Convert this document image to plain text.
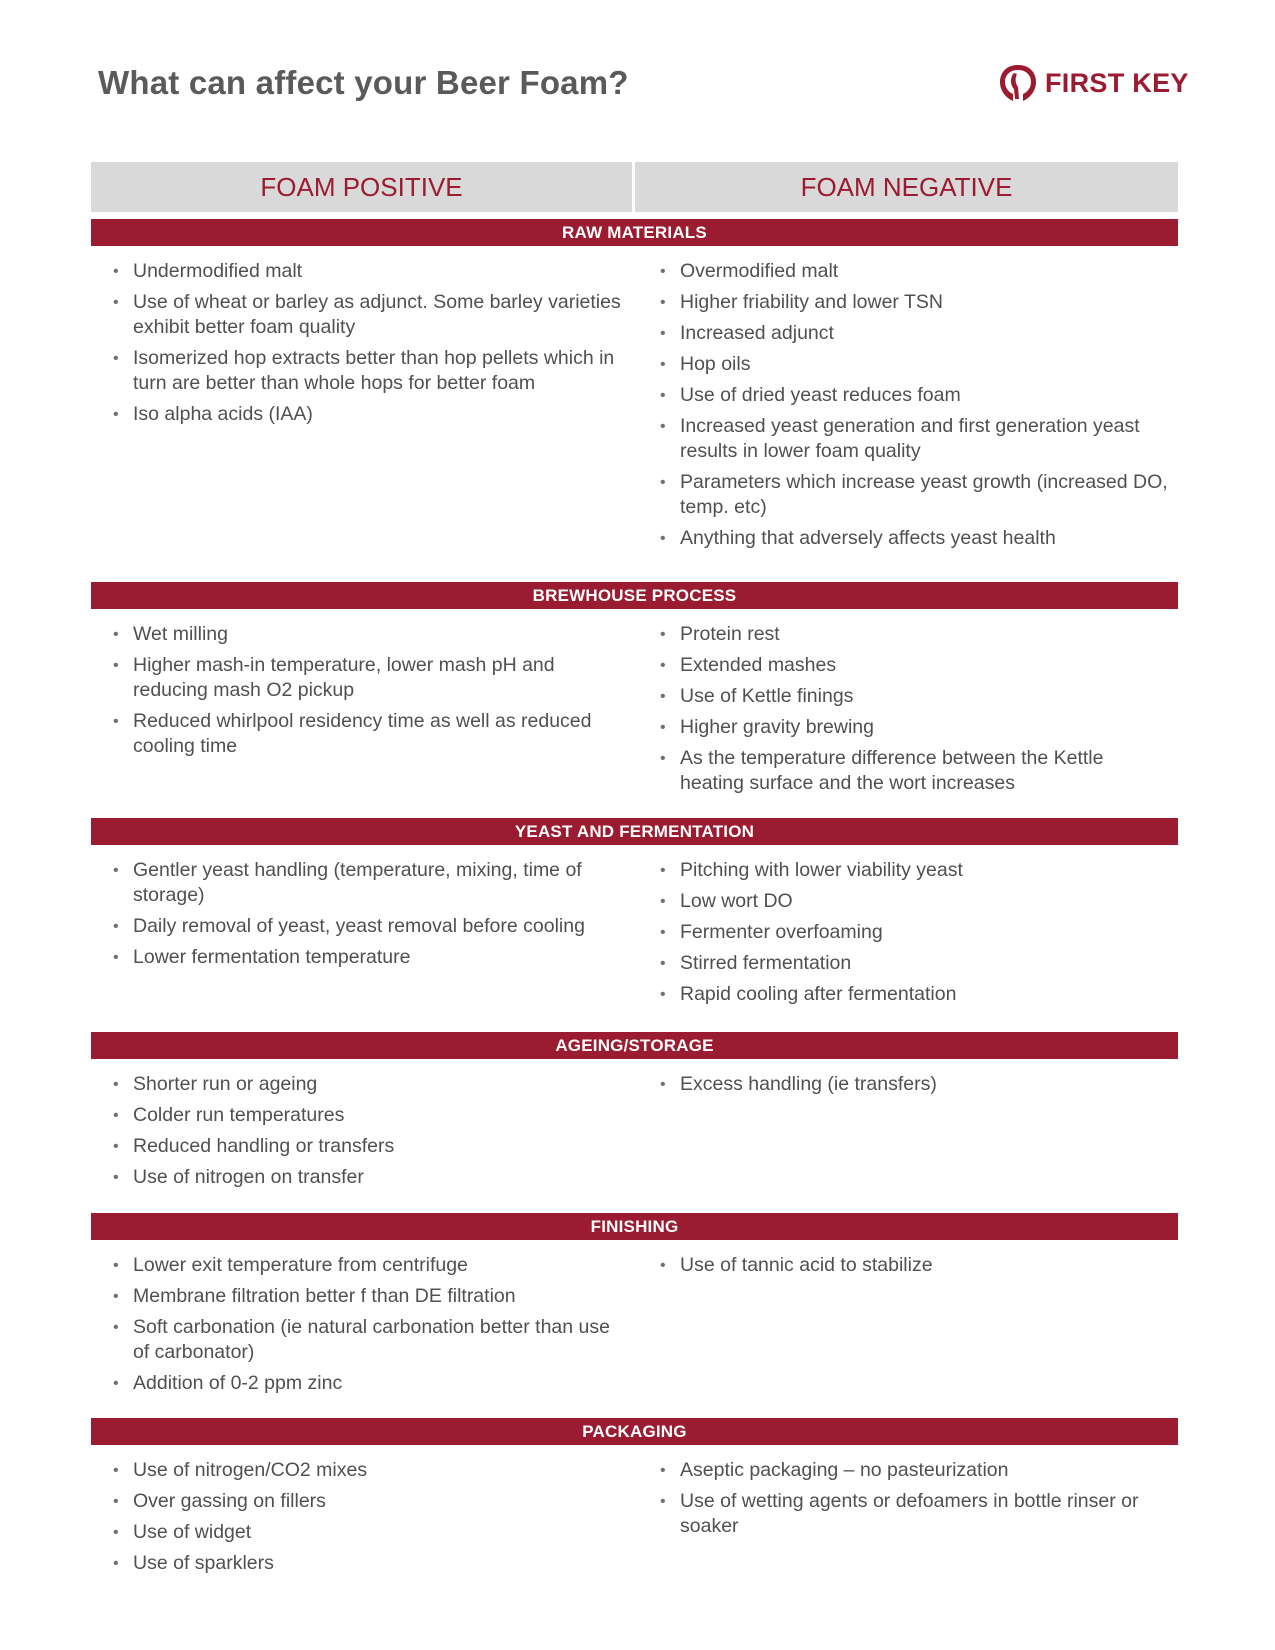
What can affect your Beer Foam?	FIRST KEY
FOAM POSITIVE	FOAM NEGATIVE
RAW MATERIALS
• Undermodified malt
• Use of wheat or barley as adjunct. Some barley varieties exhibit better foam quality
• Isomerized hop extracts better than hop pellets which in turn are better than whole hops for better foam
• Iso alpha acids (IAA)
• Overmodified malt
• Higher friability and lower TSN
• Increased adjunct
• Hop oils
• Use of dried yeast reduces foam
• Increased yeast generation and first generation yeast results in lower foam quality
• Parameters which increase yeast growth (increased DO, temp. etc)
• Anything that adversely affects yeast health
BREWHOUSE PROCESS
• Wet milling
• Higher mash-in temperature, lower mash pH and reducing mash O2 pickup
• Reduced whirlpool residency time as well as reduced cooling time
• Protein rest
• Extended mashes
• Use of Kettle finings
• Higher gravity brewing
• As the temperature difference between the Kettle heating surface and the wort increases
YEAST AND FERMENTATION
• Gentler yeast handling (temperature, mixing, time of storage)
• Daily removal of yeast, yeast removal before cooling
• Lower fermentation temperature
• Pitching with lower viability yeast
• Low wort DO
• Fermenter overfoaming
• Stirred fermentation
• Rapid cooling after fermentation
AGEING/STORAGE
• Shorter run or ageing
• Colder run temperatures
• Reduced handling or transfers
• Use of nitrogen on transfer
• Excess handling (ie transfers)
FINISHING
• Lower exit temperature from centrifuge
• Membrane filtration better f than DE filtration
• Soft carbonation (ie natural carbonation better than use of carbonator)
• Addition of 0-2 ppm zinc
• Use of tannic acid to stabilize
PACKAGING
• Use of nitrogen/CO2 mixes
• Over gassing on fillers
• Use of widget
• Use of sparklers
• Aseptic packaging – no pasteurization
• Use of wetting agents or defoamers in bottle rinser or soaker
